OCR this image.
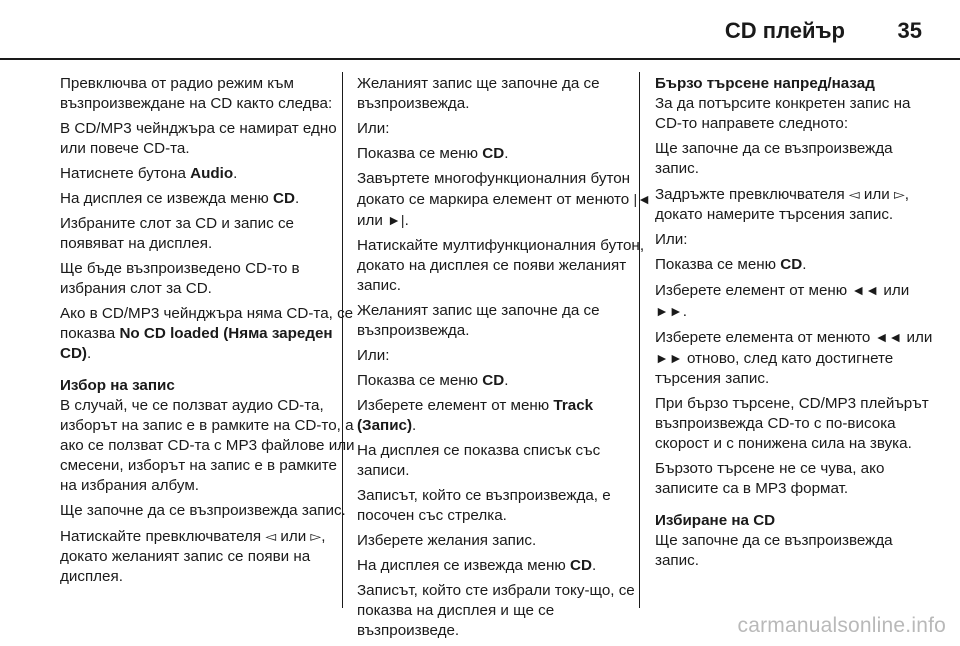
CD плейър 35

Превключва от радио режим към възпроизвеждане на CD както следва:

В CD/MP3 чейнджъра се намират едно или повече CD-та.

Натиснете бутона Audio.

На дисплея се извежда меню CD.

Избраните слот за CD и запис се появяват на дисплея.

Ще бъде възпроизведено CD-то в избрания слот за CD.

Ако в CD/MP3 чейнджъра няма CD-та, се показва No CD loaded (Няма зареден CD).

Избор на запис

В случай, че се ползват аудио CD-та, изборът на запис е в рамките на CD-то, а ако се ползват CD-та с MP3 файлове или смесени, изборът на запис е в рамките на избрания албум.

Ще започне да се възпроизвежда запис.

Натискайте превключвателя ◅ или ▻, докато желаният запис се появи на дисплея.

Желаният запис ще започне да се възпроизвежда.

Или:

Показва се меню CD.

Завъртете многофункционалния бутон докато се маркира елемент от менюто |◄ или ►|.

Натискайте мултифункционалния бутон, докато на дисплея се появи желаният запис.

Желаният запис ще започне да се възпроизвежда.

Или:

Показва се меню CD.

Изберете елемент от меню Track (Запис).

На дисплея се показва списък със записи.

Записът, който се възпроизвежда, е посочен със стрелка.

Изберете желания запис.

На дисплея се извежда меню CD.

Записът, който сте избрали току-що, се показва на дисплея и ще се възпроизведе.

Бързо търсене напред/назад

За да потърсите конкретен запис на CD-то направете следното:

Ще започне да се възпроизвежда запис.

Задръжте превключвателя ◅ или ▻, докато намерите търсения запис.

Или:

Показва се меню CD.

Изберете елемент от меню ◄◄ или ►►.

Изберете елемента от менюто ◄◄ или ►► отново, след като достигнете търсения запис.

При бързо търсене, CD/MP3 плейърът възпроизвежда CD-то с по-висока скорост и с понижена сила на звука.

Бързото търсене не се чува, ако записите са в MP3 формат.

Избиране на CD

Ще започне да се възпроизвежда запис.

carmanualsonline.info
